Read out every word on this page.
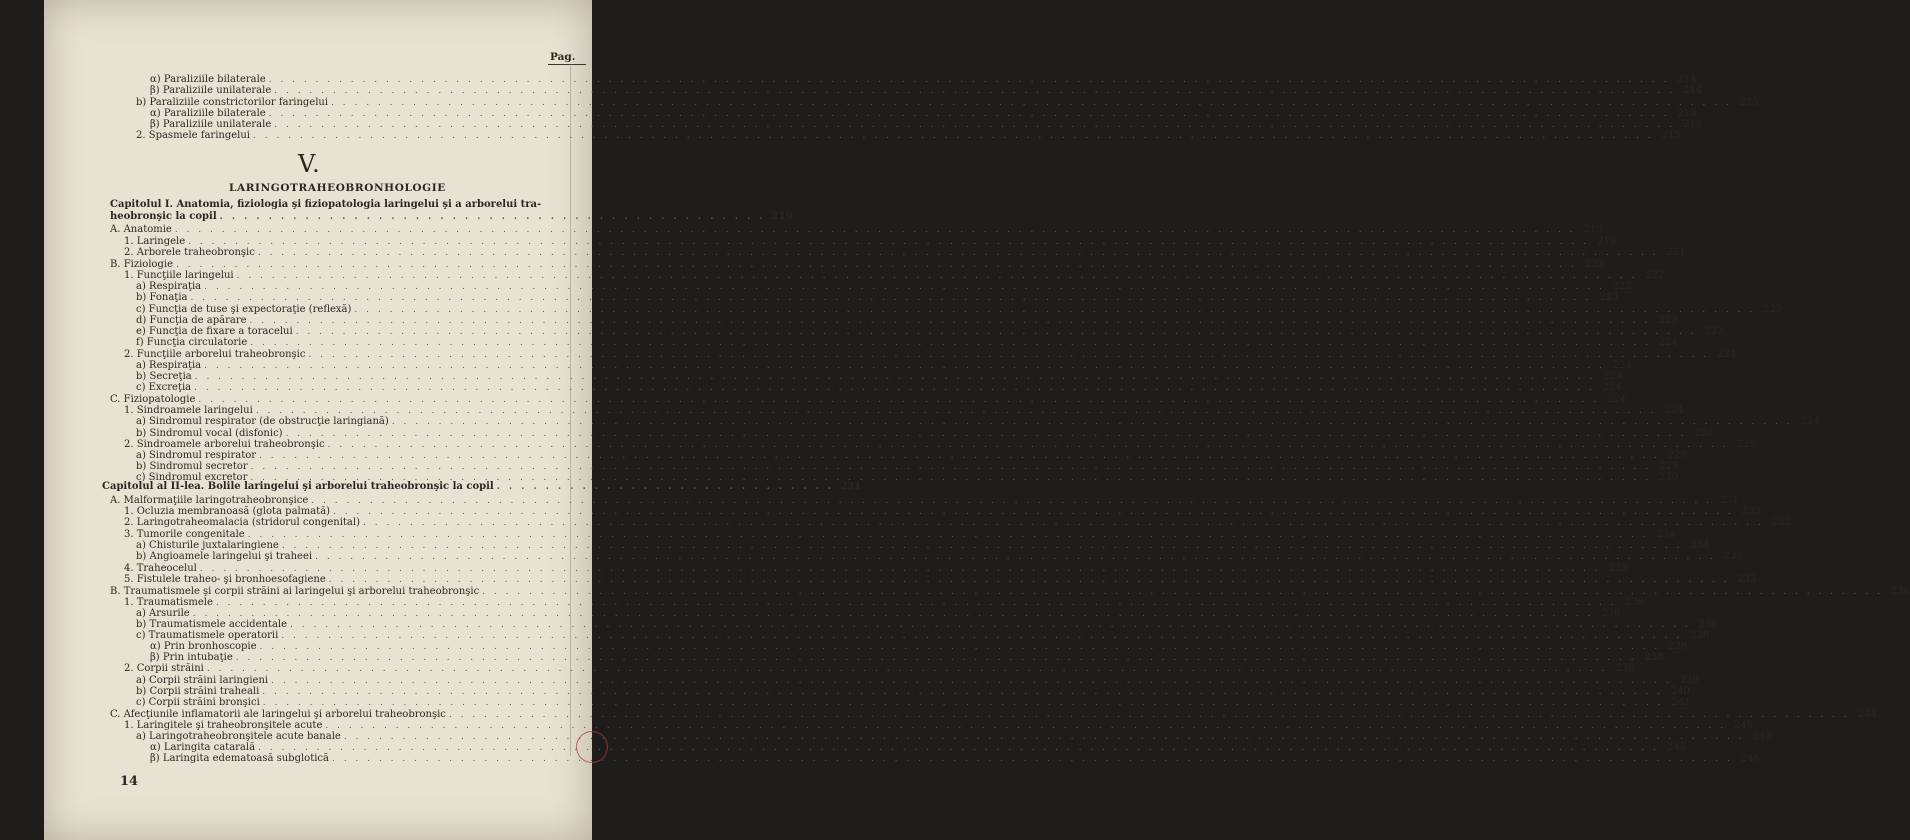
Pag.
V.
LARINGOTRAHEOBRONHOLOGIE
Capitolul I. Anatomia, fiziologia şi fiziopatologia laringelui şi a arborelui tra-
heobronşic la copil . . . . . . . . . . . . . . . . . . . . . . . . . . . . . . . . . . . . . . . . . . . . . 219
Capitolul al II-lea. Bolile laringelui şi arborelui traheobronşic la copil . . . . . . . . . . . . . . . . . . . . . . . . . . . . 231
α) Paraliziile bilaterale . . . . . . . . . . . . . . . . . . . . . . . . . . . . . . . . . . . . . . . . . . . . . . . . . . . . . . . . . . . . . . . . . . . . . . . . . . . . . . . . . . . . . . . . . . . . . . . . . . . . . . . . . . . . . . . . . . . . . . . . 214
β) Paraliziile unilaterale . . . . . . . . . . . . . . . . . . . . . . . . . . . . . . . . . . . . . . . . . . . . . . . . . . . . . . . . . . . . . . . . . . . . . . . . . . . . . . . . . . . . . . . . . . . . . . . . . . . . . . . . . . . . . . . . . . . . . . . . 214
b) Paraliziile constrictorilor faringelui . . . . . . . . . . . . . . . . . . . . . . . . . . . . . . . . . . . . . . . . . . . . . . . . . . . . . . . . . . . . . . . . . . . . . . . . . . . . . . . . . . . . . . . . . . . . . . . . . . . . . . . . . . . . . . . . . . . . . . . . 215
α) Paraliziile bilaterale . . . . . . . . . . . . . . . . . . . . . . . . . . . . . . . . . . . . . . . . . . . . . . . . . . . . . . . . . . . . . . . . . . . . . . . . . . . . . . . . . . . . . . . . . . . . . . . . . . . . . . . . . . . . . . . . . . . . . . . . 215
β) Paraliziile unilaterale . . . . . . . . . . . . . . . . . . . . . . . . . . . . . . . . . . . . . . . . . . . . . . . . . . . . . . . . . . . . . . . . . . . . . . . . . . . . . . . . . . . . . . . . . . . . . . . . . . . . . . . . . . . . . . . . . . . . . . . . 215
2. Spasmele faringelui . . . . . . . . . . . . . . . . . . . . . . . . . . . . . . . . . . . . . . . . . . . . . . . . . . . . . . . . . . . . . . . . . . . . . . . . . . . . . . . . . . . . . . . . . . . . . . . . . . . . . . . . . . . . . . . . . . . . . . . . 215
A. Anatomie . . . . . . . . . . . . . . . . . . . . . . . . . . . . . . . . . . . . . . . . . . . . . . . . . . . . . . . . . . . . . . . . . . . . . . . . . . . . . . . . . . . . . . . . . . . . . . . . . . . . . . . . . . . . . . . . . . . . . . . . 219
1. Laringele . . . . . . . . . . . . . . . . . . . . . . . . . . . . . . . . . . . . . . . . . . . . . . . . . . . . . . . . . . . . . . . . . . . . . . . . . . . . . . . . . . . . . . . . . . . . . . . . . . . . . . . . . . . . . . . . . . . . . . . . 219
2. Arborele traheobronşic . . . . . . . . . . . . . . . . . . . . . . . . . . . . . . . . . . . . . . . . . . . . . . . . . . . . . . . . . . . . . . . . . . . . . . . . . . . . . . . . . . . . . . . . . . . . . . . . . . . . . . . . . . . . . . . . . . . . . . . . 221
B. Fiziologie . . . . . . . . . . . . . . . . . . . . . . . . . . . . . . . . . . . . . . . . . . . . . . . . . . . . . . . . . . . . . . . . . . . . . . . . . . . . . . . . . . . . . . . . . . . . . . . . . . . . . . . . . . . . . . . . . . . . . . . . 222
1. Funcţiile laringelui . . . . . . . . . . . . . . . . . . . . . . . . . . . . . . . . . . . . . . . . . . . . . . . . . . . . . . . . . . . . . . . . . . . . . . . . . . . . . . . . . . . . . . . . . . . . . . . . . . . . . . . . . . . . . . . . . . . . . . . . 222
a) Respiraţia . . . . . . . . . . . . . . . . . . . . . . . . . . . . . . . . . . . . . . . . . . . . . . . . . . . . . . . . . . . . . . . . . . . . . . . . . . . . . . . . . . . . . . . . . . . . . . . . . . . . . . . . . . . . . . . . . . . . . . . . 222
b) Fonaţia . . . . . . . . . . . . . . . . . . . . . . . . . . . . . . . . . . . . . . . . . . . . . . . . . . . . . . . . . . . . . . . . . . . . . . . . . . . . . . . . . . . . . . . . . . . . . . . . . . . . . . . . . . . . . . . . . . . . . . . . 223
c) Funcţia de tuse şi expectoraţie (reflexă) . . . . . . . . . . . . . . . . . . . . . . . . . . . . . . . . . . . . . . . . . . . . . . . . . . . . . . . . . . . . . . . . . . . . . . . . . . . . . . . . . . . . . . . . . . . . . . . . . . . . . . . . . . . . . . . . . . . . . . . . 223
d) Funcţia de apărare . . . . . . . . . . . . . . . . . . . . . . . . . . . . . . . . . . . . . . . . . . . . . . . . . . . . . . . . . . . . . . . . . . . . . . . . . . . . . . . . . . . . . . . . . . . . . . . . . . . . . . . . . . . . . . . . . . . . . . . . 223
e) Funcţia de fixare a toracelui . . . . . . . . . . . . . . . . . . . . . . . . . . . . . . . . . . . . . . . . . . . . . . . . . . . . . . . . . . . . . . . . . . . . . . . . . . . . . . . . . . . . . . . . . . . . . . . . . . . . . . . . . . . . . . . . . . . . . . . . 223
f) Funcţia circulatorie . . . . . . . . . . . . . . . . . . . . . . . . . . . . . . . . . . . . . . . . . . . . . . . . . . . . . . . . . . . . . . . . . . . . . . . . . . . . . . . . . . . . . . . . . . . . . . . . . . . . . . . . . . . . . . . . . . . . . . . . 224
2. Funcţiile arborelui traheobronşic . . . . . . . . . . . . . . . . . . . . . . . . . . . . . . . . . . . . . . . . . . . . . . . . . . . . . . . . . . . . . . . . . . . . . . . . . . . . . . . . . . . . . . . . . . . . . . . . . . . . . . . . . . . . . . . . . . . . . . . . 224
a) Respiraţia . . . . . . . . . . . . . . . . . . . . . . . . . . . . . . . . . . . . . . . . . . . . . . . . . . . . . . . . . . . . . . . . . . . . . . . . . . . . . . . . . . . . . . . . . . . . . . . . . . . . . . . . . . . . . . . . . . . . . . . . 224
b) Secreţia . . . . . . . . . . . . . . . . . . . . . . . . . . . . . . . . . . . . . . . . . . . . . . . . . . . . . . . . . . . . . . . . . . . . . . . . . . . . . . . . . . . . . . . . . . . . . . . . . . . . . . . . . . . . . . . . . . . . . . . . 224
c) Excreţia . . . . . . . . . . . . . . . . . . . . . . . . . . . . . . . . . . . . . . . . . . . . . . . . . . . . . . . . . . . . . . . . . . . . . . . . . . . . . . . . . . . . . . . . . . . . . . . . . . . . . . . . . . . . . . . . . . . . . . . . 224
C. Fiziopatologie . . . . . . . . . . . . . . . . . . . . . . . . . . . . . . . . . . . . . . . . . . . . . . . . . . . . . . . . . . . . . . . . . . . . . . . . . . . . . . . . . . . . . . . . . . . . . . . . . . . . . . . . . . . . . . . . . . . . . . . . 224
1. Sindroamele laringelui . . . . . . . . . . . . . . . . . . . . . . . . . . . . . . . . . . . . . . . . . . . . . . . . . . . . . . . . . . . . . . . . . . . . . . . . . . . . . . . . . . . . . . . . . . . . . . . . . . . . . . . . . . . . . . . . . . . . . . . . 224
a) Sindromul respirator (de obstrucţie laringiană) . . . . . . . . . . . . . . . . . . . . . . . . . . . . . . . . . . . . . . . . . . . . . . . . . . . . . . . . . . . . . . . . . . . . . . . . . . . . . . . . . . . . . . . . . . . . . . . . . . . . . . . . . . . . . . . . . . . . . . . . 224
b) Sindromul vocal (disfonic) . . . . . . . . . . . . . . . . . . . . . . . . . . . . . . . . . . . . . . . . . . . . . . . . . . . . . . . . . . . . . . . . . . . . . . . . . . . . . . . . . . . . . . . . . . . . . . . . . . . . . . . . . . . . . . . . . . . . . . . . 228
2. Sindroamele arborelui traheobronşic . . . . . . . . . . . . . . . . . . . . . . . . . . . . . . . . . . . . . . . . . . . . . . . . . . . . . . . . . . . . . . . . . . . . . . . . . . . . . . . . . . . . . . . . . . . . . . . . . . . . . . . . . . . . . . . . . . . . . . . . 229
a) Sindromul respirator . . . . . . . . . . . . . . . . . . . . . . . . . . . . . . . . . . . . . . . . . . . . . . . . . . . . . . . . . . . . . . . . . . . . . . . . . . . . . . . . . . . . . . . . . . . . . . . . . . . . . . . . . . . . . . . . . . . . . . . . 229
b) Sindromul secretor . . . . . . . . . . . . . . . . . . . . . . . . . . . . . . . . . . . . . . . . . . . . . . . . . . . . . . . . . . . . . . . . . . . . . . . . . . . . . . . . . . . . . . . . . . . . . . . . . . . . . . . . . . . . . . . . . . . . . . . . 229
c) Sindromul excretor . . . . . . . . . . . . . . . . . . . . . . . . . . . . . . . . . . . . . . . . . . . . . . . . . . . . . . . . . . . . . . . . . . . . . . . . . . . . . . . . . . . . . . . . . . . . . . . . . . . . . . . . . . . . . . . . . . . . . . . . 230
A. Malformaţiile laringotraheobronşice . . . . . . . . . . . . . . . . . . . . . . . . . . . . . . . . . . . . . . . . . . . . . . . . . . . . . . . . . . . . . . . . . . . . . . . . . . . . . . . . . . . . . . . . . . . . . . . . . . . . . . . . . . . . . . . . . . . . . . . . 231
1. Ocluzia membranoasă (glota palmată) . . . . . . . . . . . . . . . . . . . . . . . . . . . . . . . . . . . . . . . . . . . . . . . . . . . . . . . . . . . . . . . . . . . . . . . . . . . . . . . . . . . . . . . . . . . . . . . . . . . . . . . . . . . . . . . . . . . . . . . . 232
2. Laringotraheomalacia (stridorul congenital) . . . . . . . . . . . . . . . . . . . . . . . . . . . . . . . . . . . . . . . . . . . . . . . . . . . . . . . . . . . . . . . . . . . . . . . . . . . . . . . . . . . . . . . . . . . . . . . . . . . . . . . . . . . . . . . . . . . . . . . . 232
3. Tumorile congenitale . . . . . . . . . . . . . . . . . . . . . . . . . . . . . . . . . . . . . . . . . . . . . . . . . . . . . . . . . . . . . . . . . . . . . . . . . . . . . . . . . . . . . . . . . . . . . . . . . . . . . . . . . . . . . . . . . . . . . . . . 234
a) Chisturile juxtalaringiene . . . . . . . . . . . . . . . . . . . . . . . . . . . . . . . . . . . . . . . . . . . . . . . . . . . . . . . . . . . . . . . . . . . . . . . . . . . . . . . . . . . . . . . . . . . . . . . . . . . . . . . . . . . . . . . . . . . . . . . . 234
b) Angioamele laringelui şi traheei . . . . . . . . . . . . . . . . . . . . . . . . . . . . . . . . . . . . . . . . . . . . . . . . . . . . . . . . . . . . . . . . . . . . . . . . . . . . . . . . . . . . . . . . . . . . . . . . . . . . . . . . . . . . . . . . . . . . . . . . 235
4. Traheocelul . . . . . . . . . . . . . . . . . . . . . . . . . . . . . . . . . . . . . . . . . . . . . . . . . . . . . . . . . . . . . . . . . . . . . . . . . . . . . . . . . . . . . . . . . . . . . . . . . . . . . . . . . . . . . . . . . . . . . . . . 235
5. Fistulele traheo- şi bronhoesofagiene . . . . . . . . . . . . . . . . . . . . . . . . . . . . . . . . . . . . . . . . . . . . . . . . . . . . . . . . . . . . . . . . . . . . . . . . . . . . . . . . . . . . . . . . . . . . . . . . . . . . . . . . . . . . . . . . . . . . . . . . 235
B. Traumatismele şi corpii străini ai laringelui şi arborelui traheobronşic . . . . . . . . . . . . . . . . . . . . . . . . . . . . . . . . . . . . . . . . . . . . . . . . . . . . . . . . . . . . . . . . . . . . . . . . . . . . . . . . . . . . . . . . . . . . . . . . . . . . . . . . . . . . . . . . . . . . . . . . 236
1. Traumatismele . . . . . . . . . . . . . . . . . . . . . . . . . . . . . . . . . . . . . . . . . . . . . . . . . . . . . . . . . . . . . . . . . . . . . . . . . . . . . . . . . . . . . . . . . . . . . . . . . . . . . . . . . . . . . . . . . . . . . . . . 236
a) Arsurile . . . . . . . . . . . . . . . . . . . . . . . . . . . . . . . . . . . . . . . . . . . . . . . . . . . . . . . . . . . . . . . . . . . . . . . . . . . . . . . . . . . . . . . . . . . . . . . . . . . . . . . . . . . . . . . . . . . . . . . . 236
b) Traumatismele accidentale . . . . . . . . . . . . . . . . . . . . . . . . . . . . . . . . . . . . . . . . . . . . . . . . . . . . . . . . . . . . . . . . . . . . . . . . . . . . . . . . . . . . . . . . . . . . . . . . . . . . . . . . . . . . . . . . . . . . . . . . 236
c) Traumatismele operatorii . . . . . . . . . . . . . . . . . . . . . . . . . . . . . . . . . . . . . . . . . . . . . . . . . . . . . . . . . . . . . . . . . . . . . . . . . . . . . . . . . . . . . . . . . . . . . . . . . . . . . . . . . . . . . . . . . . . . . . . . 238
α) Prin bronhoscopie . . . . . . . . . . . . . . . . . . . . . . . . . . . . . . . . . . . . . . . . . . . . . . . . . . . . . . . . . . . . . . . . . . . . . . . . . . . . . . . . . . . . . . . . . . . . . . . . . . . . . . . . . . . . . . . . . . . . . . . . 238
β) Prin intubaţie . . . . . . . . . . . . . . . . . . . . . . . . . . . . . . . . . . . . . . . . . . . . . . . . . . . . . . . . . . . . . . . . . . . . . . . . . . . . . . . . . . . . . . . . . . . . . . . . . . . . . . . . . . . . . . . . . . . . . . . . 238
2. Corpii străini . . . . . . . . . . . . . . . . . . . . . . . . . . . . . . . . . . . . . . . . . . . . . . . . . . . . . . . . . . . . . . . . . . . . . . . . . . . . . . . . . . . . . . . . . . . . . . . . . . . . . . . . . . . . . . . . . . . . . . . . 238
a) Corpii străini laringieni . . . . . . . . . . . . . . . . . . . . . . . . . . . . . . . . . . . . . . . . . . . . . . . . . . . . . . . . . . . . . . . . . . . . . . . . . . . . . . . . . . . . . . . . . . . . . . . . . . . . . . . . . . . . . . . . . . . . . . . . 239
b) Corpii străini traheali . . . . . . . . . . . . . . . . . . . . . . . . . . . . . . . . . . . . . . . . . . . . . . . . . . . . . . . . . . . . . . . . . . . . . . . . . . . . . . . . . . . . . . . . . . . . . . . . . . . . . . . . . . . . . . . . . . . . . . . . 240
c) Corpii străini bronşici . . . . . . . . . . . . . . . . . . . . . . . . . . . . . . . . . . . . . . . . . . . . . . . . . . . . . . . . . . . . . . . . . . . . . . . . . . . . . . . . . . . . . . . . . . . . . . . . . . . . . . . . . . . . . . . . . . . . . . . . 241
C. Afecţiunile inflamatorii ale laringelui şi arborelui traheobronşic . . . . . . . . . . . . . . . . . . . . . . . . . . . . . . . . . . . . . . . . . . . . . . . . . . . . . . . . . . . . . . . . . . . . . . . . . . . . . . . . . . . . . . . . . . . . . . . . . . . . . . . . . . . . . . . . . . . . . . . . 244
1. Laringitele şi traheobronşitele acute . . . . . . . . . . . . . . . . . . . . . . . . . . . . . . . . . . . . . . . . . . . . . . . . . . . . . . . . . . . . . . . . . . . . . . . . . . . . . . . . . . . . . . . . . . . . . . . . . . . . . . . . . . . . . . . . . . . . . . . . 245
a) Laringotraheobronşitele acute banale . . . . . . . . . . . . . . . . . . . . . . . . . . . . . . . . . . . . . . . . . . . . . . . . . . . . . . . . . . . . . . . . . . . . . . . . . . . . . . . . . . . . . . . . . . . . . . . . . . . . . . . . . . . . . . . . . . . . . . . . 245
α) Laringita catarală . . . . . . . . . . . . . . . . . . . . . . . . . . . . . . . . . . . . . . . . . . . . . . . . . . . . . . . . . . . . . . . . . . . . . . . . . . . . . . . . . . . . . . . . . . . . . . . . . . . . . . . . . . . . . . . . . . . . . . . . 245
β) Laringita edematoasă subglotică . . . . . . . . . . . . . . . . . . . . . . . . . . . . . . . . . . . . . . . . . . . . . . . . . . . . . . . . . . . . . . . . . . . . . . . . . . . . . . . . . . . . . . . . . . . . . . . . . . . . . . . . . . . . . . . . . . . . . . . . 246
14
